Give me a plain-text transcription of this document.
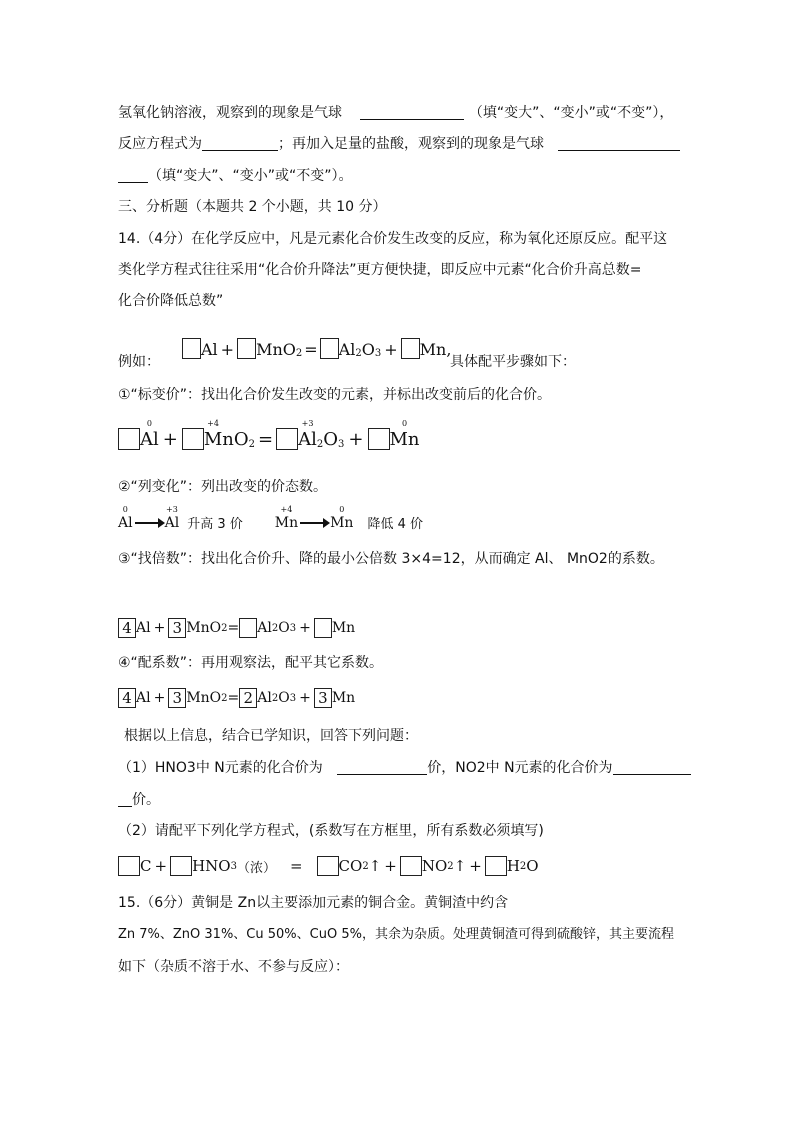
氢氧化钠溶液，观察到的现象是气球	（填“变大”、“变小”或“不变”），
反应方程式为	；再加入足量的盐酸，观察到的现象是气球
（填“变大”、“变小”或“不变”）。
三、分析题（本题共 2 个小题，共 10 分）
14.（4分）在化学反应中，凡是元素化合价发生改变的反应，称为氧化还原反应。配平这
类化学方程式往往采用“化合价升降法”更方便快捷，即反应中元素“化合价升高总数=
化合价降低总数”
例如：
$Al + MnO_2 = Al_2$ $O_3 + Mn$ ,
具体配平步骤如下：
①“标变价”：找出化合价发生改变的元素，并标出改变前后的化合价。
0
Al +
+4
M $nO_2$ =
+3
$Al_2$ $O_3$ +
0
Mn
②“列变化”：列出改变的价态数。
0
Al
+3
Al 升高 3 价
+4
Mn
0
Mn 降低 4 价
③“找倍数”：找出化合价升、降的最小公倍数 3×4=12，从而确定 Al、 MnO2的系数。
4 Al + 3 MnO 2 = Al 2 O 3 + Mn
④“配系数”：再用观察法，配平其它系数。
4 Al + 3 MnO 2 = 2 Al 2 O 3 + 3 Mn
根据以上信息，结合已学知识，回答下列问题：
（1）HNO3中 N元素的化合价为	价，NO2中 N元素的化合价为
价。
（2）请配平下列化学方程式，(系数写在方框里，所有系数必须填写)
C + HNO 3 （浓） = CO 2 ↑ + NO 2 ↑ + H 2 O
15.（6分）黄铜是 Zn以主要添加元素的铜合金。黄铜渣中约含
Zn 7%、ZnO 31%、Cu 50%、CuO 5%，其余为杂质。处理黄铜渣可得到硫酸锌，其主要流程
如下（杂质不溶于水、不参与反应）：
